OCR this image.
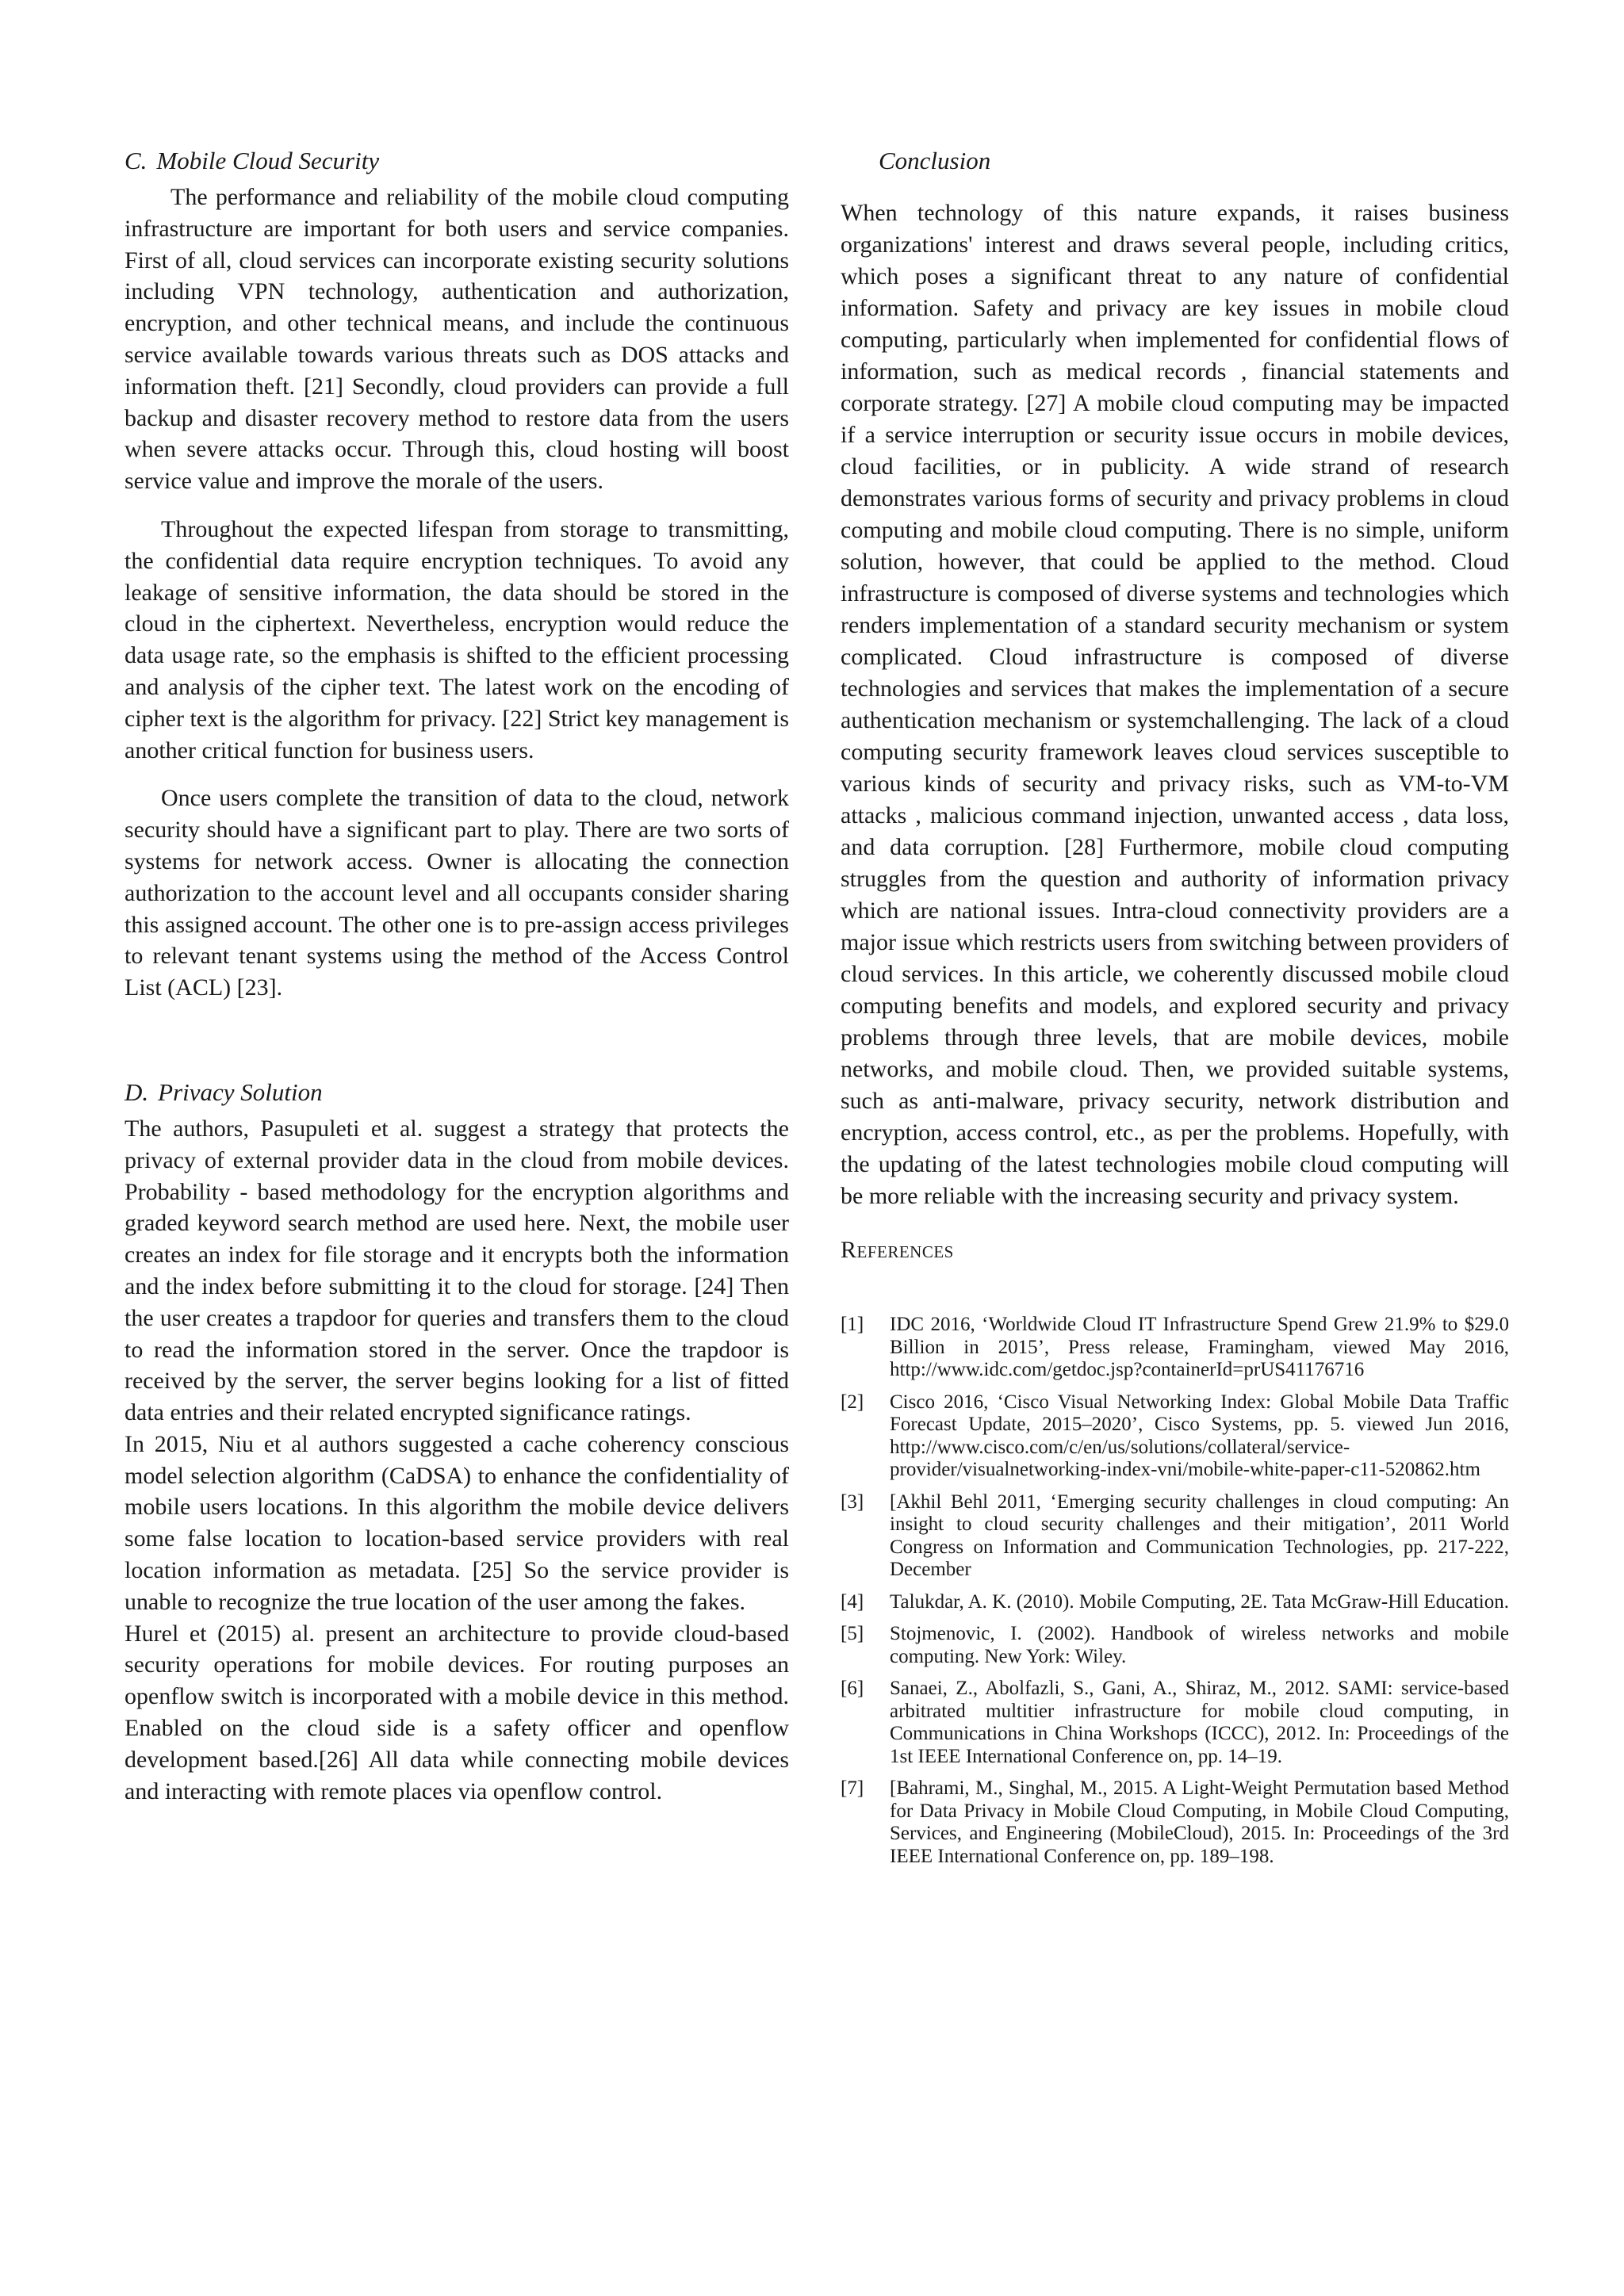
C. Mobile Cloud Security

The performance and reliability of the mobile cloud computing infrastructure are important for both users and service companies. First of all, cloud services can incorporate existing security solutions including VPN technology, authentication and authorization, encryption, and other technical means, and include the continuous service available towards various threats such as DOS attacks and information theft. [21] Secondly, cloud providers can provide a full backup and disaster recovery method to restore data from the users when severe attacks occur. Through this, cloud hosting will boost service value and improve the morale of the users.

Throughout the expected lifespan from storage to transmitting, the confidential data require encryption techniques. To avoid any leakage of sensitive information, the data should be stored in the cloud in the ciphertext. Nevertheless, encryption would reduce the data usage rate, so the emphasis is shifted to the efficient processing and analysis of the cipher text. The latest work on the encoding of cipher text is the algorithm for privacy. [22] Strict key management is another critical function for business users.

Once users complete the transition of data to the cloud, network security should have a significant part to play. There are two sorts of systems for network access. Owner is allocating the connection authorization to the account level and all occupants consider sharing this assigned account. The other one is to pre-assign access privileges to relevant tenant systems using the method of the Access Control List (ACL) [23].

D. Privacy Solution

The authors, Pasupuleti et al. suggest a strategy that protects the privacy of external provider data in the cloud from mobile devices. Probability - based methodology for the encryption algorithms and graded keyword search method are used here. Next, the mobile user creates an index for file storage and it encrypts both the information and the index before submitting it to the cloud for storage. [24] Then the user creates a trapdoor for queries and transfers them to the cloud to read the information stored in the server. Once the trapdoor is received by the server, the server begins looking for a list of fitted data entries and their related encrypted significance ratings.

In 2015, Niu et al authors suggested a cache coherency conscious model selection algorithm (CaDSA) to enhance the confidentiality of mobile users locations. In this algorithm the mobile device delivers some false location to location-based service providers with real location information as metadata. [25] So the service provider is unable to recognize the true location of the user among the fakes.

Hurel et (2015) al. present an architecture to provide cloud-based security operations for mobile devices. For routing purposes an openflow switch is incorporated with a mobile device in this method. Enabled on the cloud side is a safety officer and openflow development based.[26] All data while connecting mobile devices and interacting with remote places via openflow control.

Conclusion

When technology of this nature expands, it raises business organizations' interest and draws several people, including critics, which poses a significant threat to any nature of confidential information. Safety and privacy are key issues in mobile cloud computing, particularly when implemented for confidential flows of information, such as medical records , financial statements and corporate strategy. [27] A mobile cloud computing may be impacted if a service interruption or security issue occurs in mobile devices, cloud facilities, or in publicity. A wide strand of research demonstrates various forms of security and privacy problems in cloud computing and mobile cloud computing. There is no simple, uniform solution, however, that could be applied to the method. Cloud infrastructure is composed of diverse systems and technologies which renders implementation of a standard security mechanism or system complicated. Cloud infrastructure is composed of diverse technologies and services that makes the implementation of a secure authentication mechanism or systemchallenging. The lack of a cloud computing security framework leaves cloud services susceptible to various kinds of security and privacy risks, such as VM-to-VM attacks , malicious command injection, unwanted access , data loss, and data corruption. [28] Furthermore, mobile cloud computing struggles from the question and authority of information privacy which are national issues. Intra-cloud connectivity providers are a major issue which restricts users from switching between providers of cloud services. In this article, we coherently discussed mobile cloud computing benefits and models, and explored security and privacy problems through three levels, that are mobile devices, mobile networks, and mobile cloud. Then, we provided suitable systems, such as anti-malware, privacy security, network distribution and encryption, access control, etc., as per the problems. Hopefully, with the updating of the latest technologies mobile cloud computing will be more reliable with the increasing security and privacy system.

References
[1]	IDC 2016, ‘Worldwide Cloud IT Infrastructure Spend Grew 21.9% to $29.0 Billion in 2015’, Press release, Framingham, viewed May 2016, http://www.idc.com/getdoc.jsp?containerId=prUS41176716
[2]	Cisco 2016, ‘Cisco Visual Networking Index: Global Mobile Data Traffic Forecast Update, 2015–2020’, Cisco Systems, pp. 5. viewed Jun 2016, http://www.cisco.com/c/en/us/solutions/collateral/service-provider/visualnetworking-index-vni/mobile-white-paper-c11-520862.htm
[3]	[Akhil Behl 2011, ‘Emerging security challenges in cloud computing: An insight to cloud security challenges and their mitigation’, 2011 World Congress on Information and Communication Technologies, pp. 217-222, December
[4]	Talukdar, A. K. (2010). Mobile Computing, 2E. Tata McGraw-Hill Education.
[5]	Stojmenovic, I. (2002). Handbook of wireless networks and mobile computing. New York: Wiley.
[6]	Sanaei, Z., Abolfazli, S., Gani, A., Shiraz, M., 2012. SAMI: service-based arbitrated multitier infrastructure for mobile cloud computing, in Communications in China Workshops (ICCC), 2012. In: Proceedings of the 1st IEEE International Conference on, pp. 14–19.
[7]	[Bahrami, M., Singhal, M., 2015. A Light-Weight Permutation based Method for Data Privacy in Mobile Cloud Computing, in Mobile Cloud Computing, Services, and Engineering (MobileCloud), 2015. In: Proceedings of the 3rd IEEE International Conference on, pp. 189–198.
